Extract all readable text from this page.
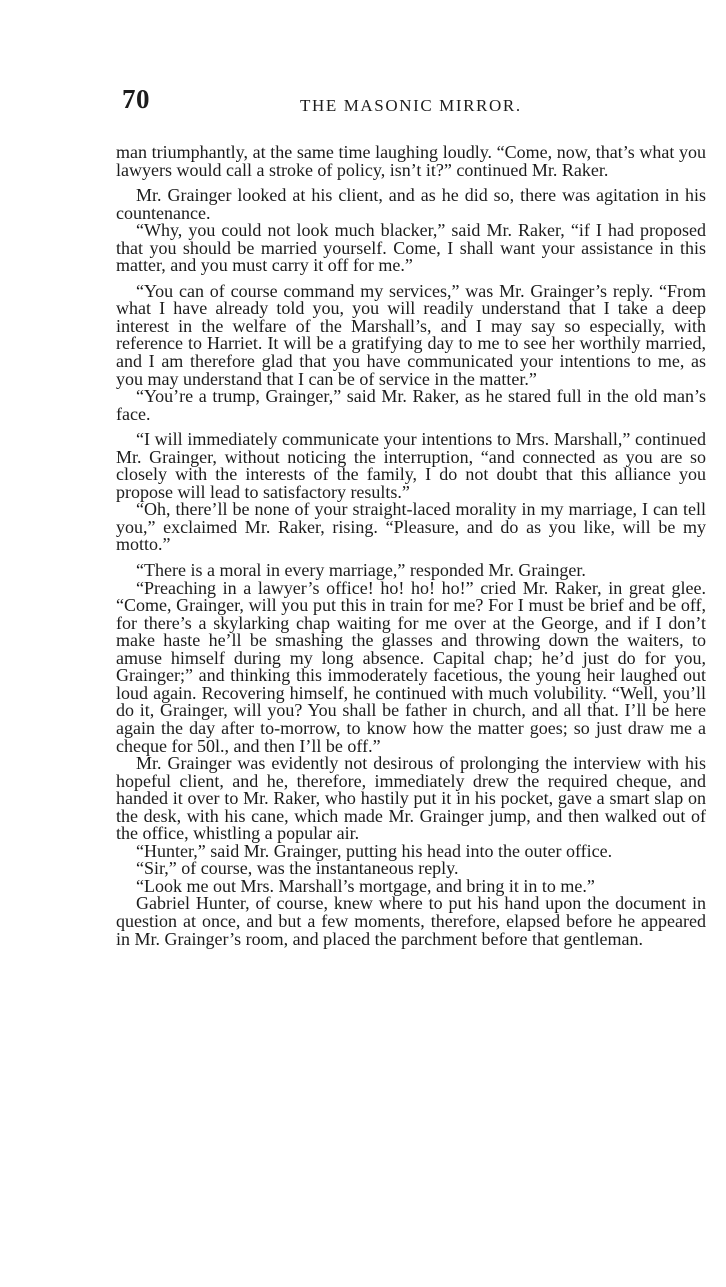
70	THE MASONIC MIRROR.

man triumphantly, at the same time laughing loudly. “Come, now, that’s what you lawyers would call a stroke of policy, isn’t it?” continued Mr. Raker.

Mr. Grainger looked at his client, and as he did so, there was agitation in his countenance.

“Why, you could not look much blacker,” said Mr. Raker, “if I had proposed that you should be married yourself. Come, I shall want your assistance in this matter, and you must carry it off for me.”

“You can of course command my services,” was Mr. Grainger’s reply. “From what I have already told you, you will readily understand that I take a deep interest in the welfare of the Marshall’s, and I may say so especially, with reference to Harriet. It will be a gratifying day to me to see her worthily married, and I am therefore glad that you have communicated your intentions to me, as you may understand that I can be of service in the matter.”

“You’re a trump, Grainger,” said Mr. Raker, as he stared full in the old man’s face.

“I will immediately communicate your intentions to Mrs. Marshall,” continued Mr. Grainger, without noticing the interruption, “and connected as you are so closely with the interests of the family, I do not doubt that this alliance you propose will lead to satisfactory results.”

“Oh, there’ll be none of your straight-laced morality in my marriage, I can tell you,” exclaimed Mr. Raker, rising. “Pleasure, and do as you like, will be my motto.”

“There is a moral in every marriage,” responded Mr. Grainger.

“Preaching in a lawyer’s office! ho! ho! ho!” cried Mr. Raker, in great glee. “Come, Grainger, will you put this in train for me? For I must be brief and be off, for there’s a skylarking chap waiting for me over at the George, and if I don’t make haste he’ll be smashing the glasses and throwing down the waiters, to amuse himself during my long absence. Capital chap; he’d just do for you, Grainger;” and thinking this immoderately facetious, the young heir laughed out loud again. Recovering himself, he continued with much volubility. “Well, you’ll do it, Grainger, will you? You shall be father in church, and all that. I’ll be here again the day after to-morrow, to know how the matter goes; so just draw me a cheque for 50l., and then I’ll be off.”

Mr. Grainger was evidently not desirous of prolonging the interview with his hopeful client, and he, therefore, immediately drew the required cheque, and handed it over to Mr. Raker, who hastily put it in his pocket, gave a smart slap on the desk, with his cane, which made Mr. Grainger jump, and then walked out of the office, whistling a popular air.

“Hunter,” said Mr. Grainger, putting his head into the outer office.

“Sir,” of course, was the instantaneous reply.

“Look me out Mrs. Marshall’s mortgage, and bring it in to me.”

Gabriel Hunter, of course, knew where to put his hand upon the document in question at once, and but a few moments, therefore, elapsed before he appeared in Mr. Grainger’s room, and placed the parchment before that gentleman.
